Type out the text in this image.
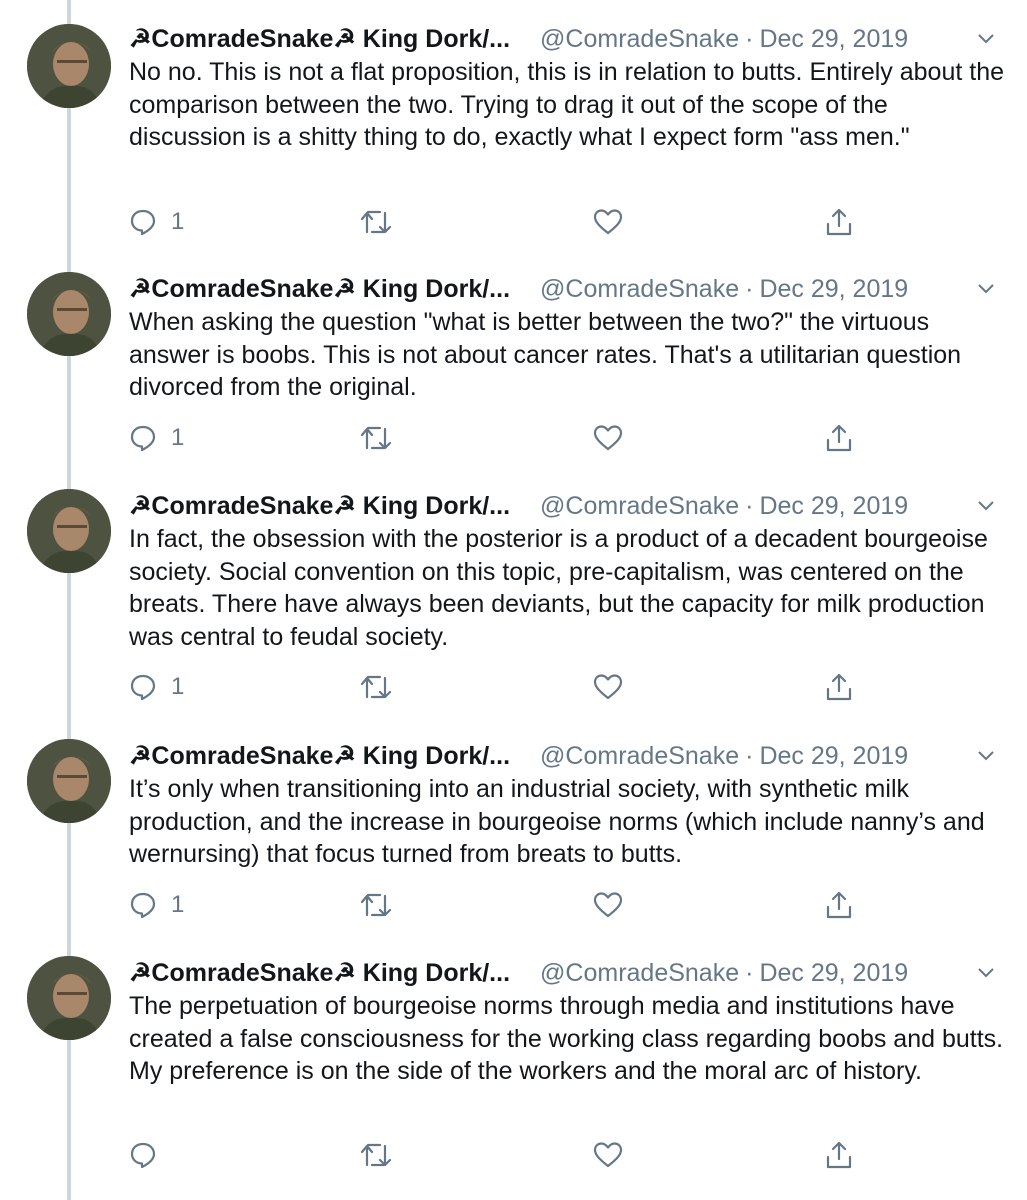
☭ComradeSnake☭ King Dork/... @ComradeSnake · Dec 29, 2019
No no. This is not a flat proposition, this is in relation to butts. Entirely about the comparison between the two. Trying to drag it out of the scope of the discussion is a shitty thing to do, exactly what I expect form "ass men."
1
☭ComradeSnake☭ King Dork/... @ComradeSnake · Dec 29, 2019
When asking the question "what is better between the two?" the virtuous answer is boobs. This is not about cancer rates. That's a utilitarian question divorced from the original.
1
☭ComradeSnake☭ King Dork/... @ComradeSnake · Dec 29, 2019
In fact, the obsession with the posterior is a product of a decadent bourgeoise society. Social convention on this topic, pre-capitalism, was centered on the breats. There have always been deviants, but the capacity for milk production was central to feudal society.
1
☭ComradeSnake☭ King Dork/... @ComradeSnake · Dec 29, 2019
It’s only when transitioning into an industrial society, with synthetic milk production, and the increase in bourgeoise norms (which include nanny’s and wernursing) that focus turned from breats to butts.
1
☭ComradeSnake☭ King Dork/... @ComradeSnake · Dec 29, 2019
The perpetuation of bourgeoise norms through media and institutions have created a false consciousness for the working class regarding boobs and butts. My preference is on the side of the workers and the moral arc of history.
